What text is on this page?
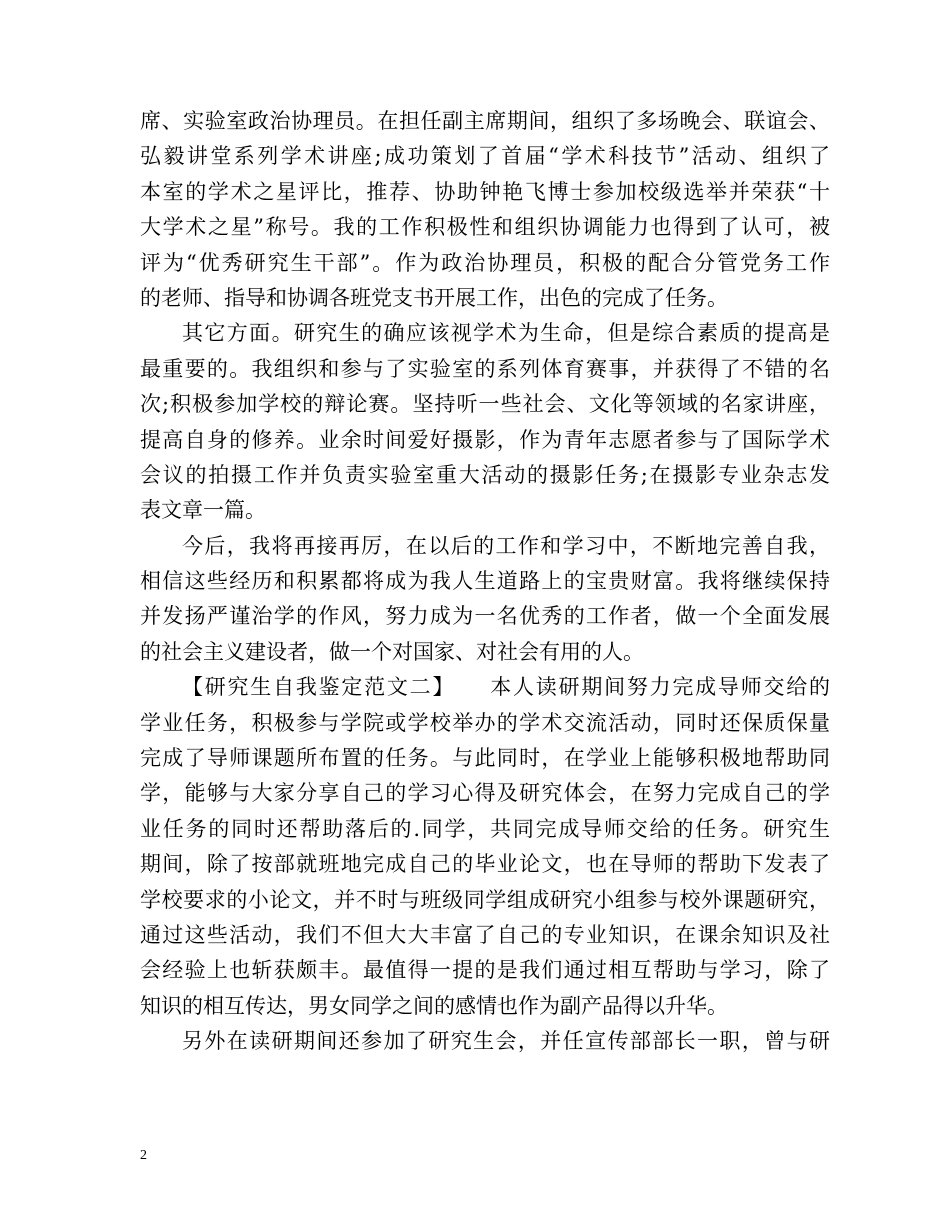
席、实验室政治协理员。在担任副主席期间，组织了多场晚会、联谊会、
弘毅讲堂系列学术讲座;成功策划了首届“学术科技节”活动、组织了
本室的学术之星评比，推荐、协助钟艳飞博士参加校级选举并荣获“十
大学术之星”称号。我的工作积极性和组织协调能力也得到了认可，被
评为“优秀研究生干部”。作为政治协理员，积极的配合分管党务工作
的老师、指导和协调各班党支书开展工作，出色的完成了任务。
其它方面。研究生的确应该视学术为生命，但是综合素质的提高是
最重要的。我组织和参与了实验室的系列体育赛事，并获得了不错的名
次;积极参加学校的辩论赛。坚持听一些社会、文化等领域的名家讲座，
提高自身的修养。业余时间爱好摄影，作为青年志愿者参与了国际学术
会议的拍摄工作并负责实验室重大活动的摄影任务;在摄影专业杂志发
表文章一篇。
今后，我将再接再厉，在以后的工作和学习中，不断地完善自我，
相信这些经历和积累都将成为我人生道路上的宝贵财富。我将继续保持
并发扬严谨治学的作风，努力成为一名优秀的工作者，做一个全面发展
的社会主义建设者，做一个对国家、对社会有用的人。
【研究生自我鉴定范文二】　　本人读研期间努力完成导师交给的
学业任务，积极参与学院或学校举办的学术交流活动，同时还保质保量
完成了导师课题所布置的任务。与此同时，在学业上能够积极地帮助同
学，能够与大家分享自己的学习心得及研究体会，在努力完成自己的学
业任务的同时还帮助落后的.同学，共同完成导师交给的任务。研究生
期间，除了按部就班地完成自己的毕业论文，也在导师的帮助下发表了
学校要求的小论文，并不时与班级同学组成研究小组参与校外课题研究，
通过这些活动，我们不但大大丰富了自己的专业知识，在课余知识及社
会经验上也斩获颇丰。最值得一提的是我们通过相互帮助与学习，除了
知识的相互传达，男女同学之间的感情也作为副产品得以升华。
另外在读研期间还参加了研究生会，并任宣传部部长一职，曾与研
2
